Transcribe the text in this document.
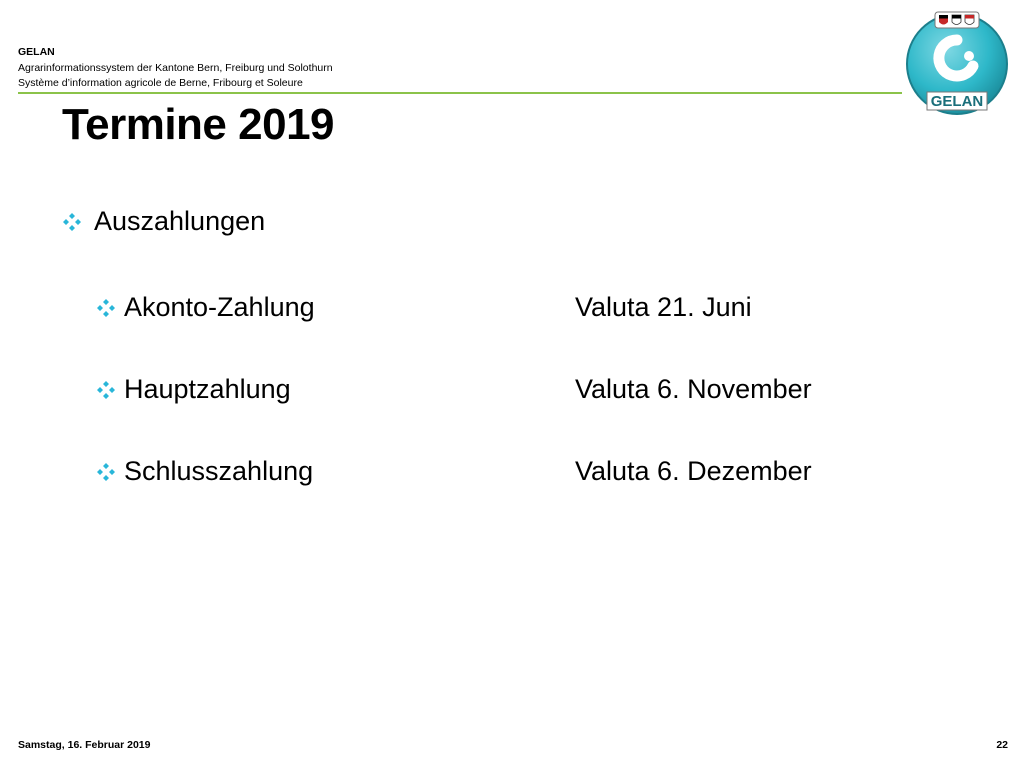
GELAN
Agrarinformationssystem der Kantone Bern, Freiburg und Solothurn
Système d’information agricole de Berne, Fribourg et Soleure
GELAN
Termine 2019
Auszahlungen
Akonto-Zahlung	Valuta 21. Juni
Hauptzahlung	Valuta 6. November
Schlusszahlung	Valuta 6. Dezember
Samstag, 16. Februar 2019	22
